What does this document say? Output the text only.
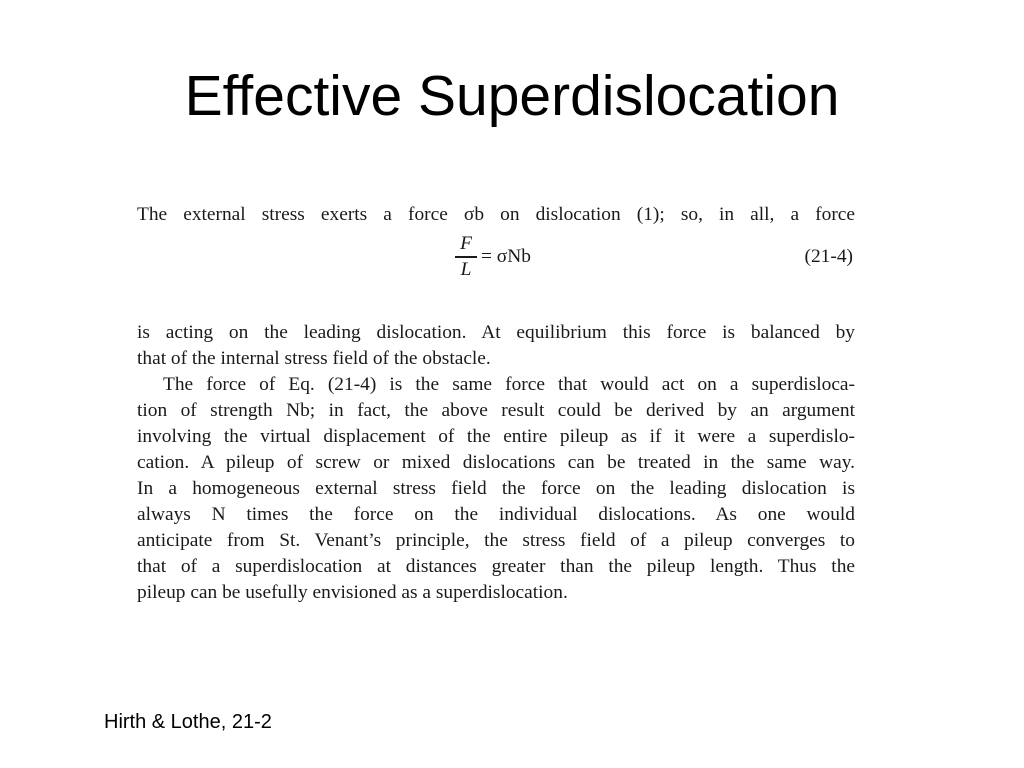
Effective Superdislocation
The external stress exerts a force σb on dislocation (1); so, in all, a force
$\frac{F}{L} = \sigma Nb$	(21-4)
is acting on the leading dislocation. At equilibrium this force is balanced by
that of the internal stress field of the obstacle.
The force of Eq. (21-4) is the same force that would act on a superdisloca-
tion of strength Nb; in fact, the above result could be derived by an argument
involving the virtual displacement of the entire pileup as if it were a superdislo-
cation. A pileup of screw or mixed dislocations can be treated in the same way.
In a homogeneous external stress field the force on the leading dislocation is
always N times the force on the individual dislocations. As one would
anticipate from St. Venant’s principle, the stress field of a pileup converges to
that of a superdislocation at distances greater than the pileup length. Thus the
pileup can be usefully envisioned as a superdislocation.
Hirth & Lothe, 21-2
